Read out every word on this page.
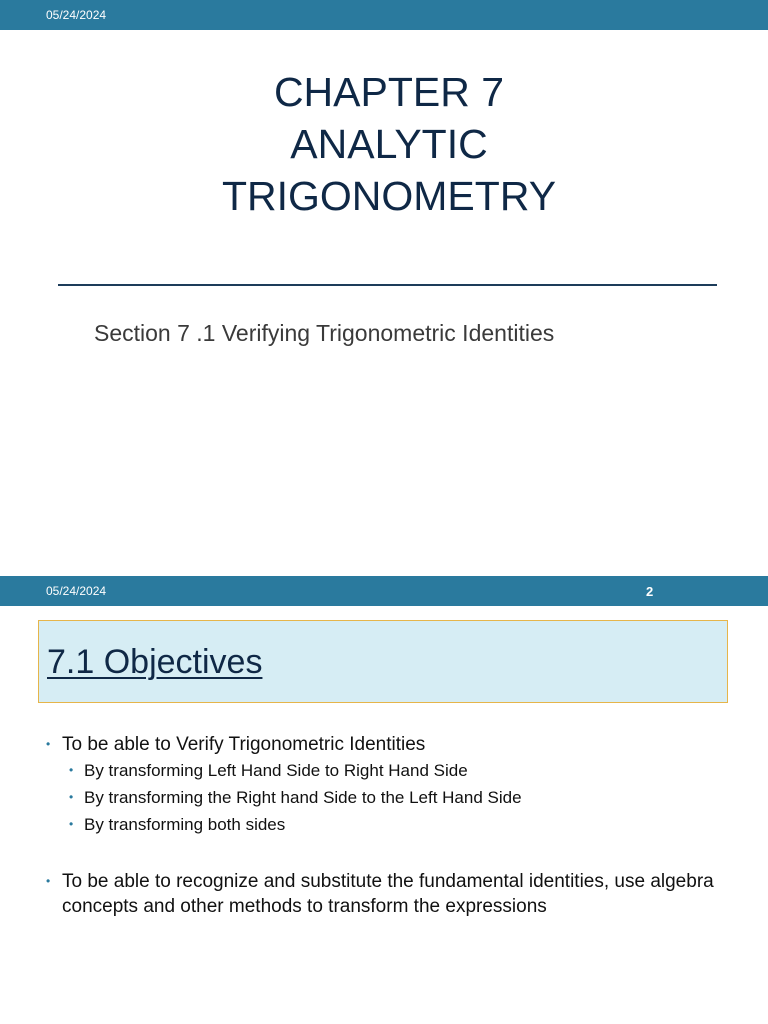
05/24/2024
CHAPTER 7
ANALYTIC
TRIGONOMETRY
Section 7 .1 Verifying Trigonometric Identities
05/24/2024	2
7.1 Objectives
• To be able to Verify Trigonometric Identities
• By transforming Left Hand Side to Right Hand Side
• By transforming the Right hand Side to the Left Hand Side
• By transforming both sides
• To be able to recognize and substitute the fundamental identities, use algebra concepts and other methods to transform the expressions
